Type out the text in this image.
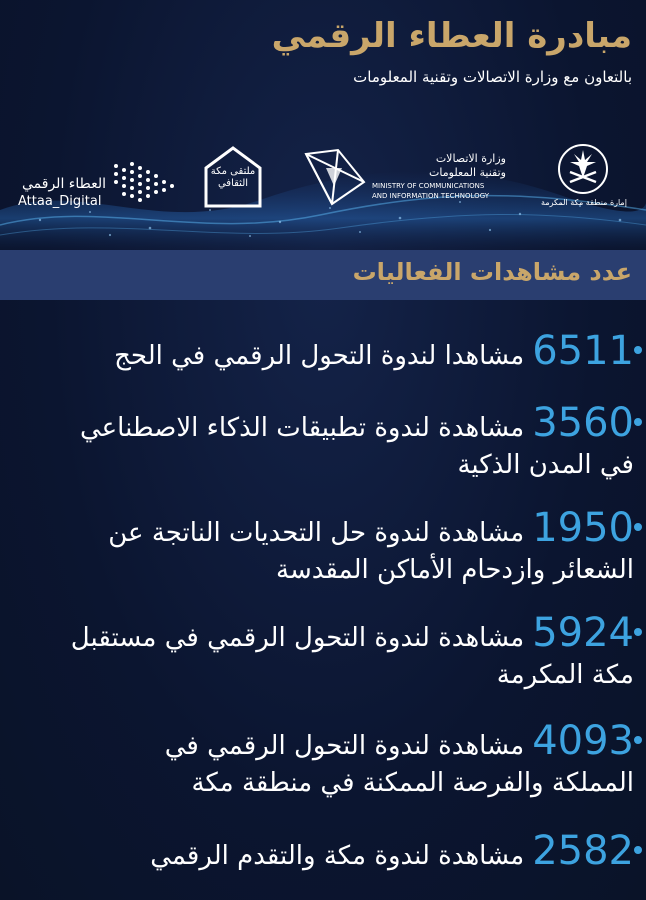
مبادرة العطاء الرقمي
بالتعاون مع وزارة الاتصالات وتقنية المعلومات
العطاء الرقمي
Attaa_Digital
ملتقى مكة الثقافي
وزارة الاتصالات
وتقنية المعلومات
MINISTRY OF COMMUNICATIONS
AND INFORMATION TECHNOLOGY
إمارة منطقة مكة المكرمة
عدد مشاهدات الفعاليات
6511مشاهدا لندوة التحول الرقمي في الحج
3560مشاهدة لندوة تطبيقات الذكاء الاصطناعي
في المدن الذكية
1950مشاهدة لندوة حل التحديات الناتجة عن
الشعائر وازدحام الأماكن المقدسة
5924مشاهدة لندوة التحول الرقمي في مستقبل
مكة المكرمة
4093مشاهدة لندوة التحول الرقمي في
المملكة والفرصة الممكنة في منطقة مكة
2582مشاهدة لندوة مكة والتقدم الرقمي
